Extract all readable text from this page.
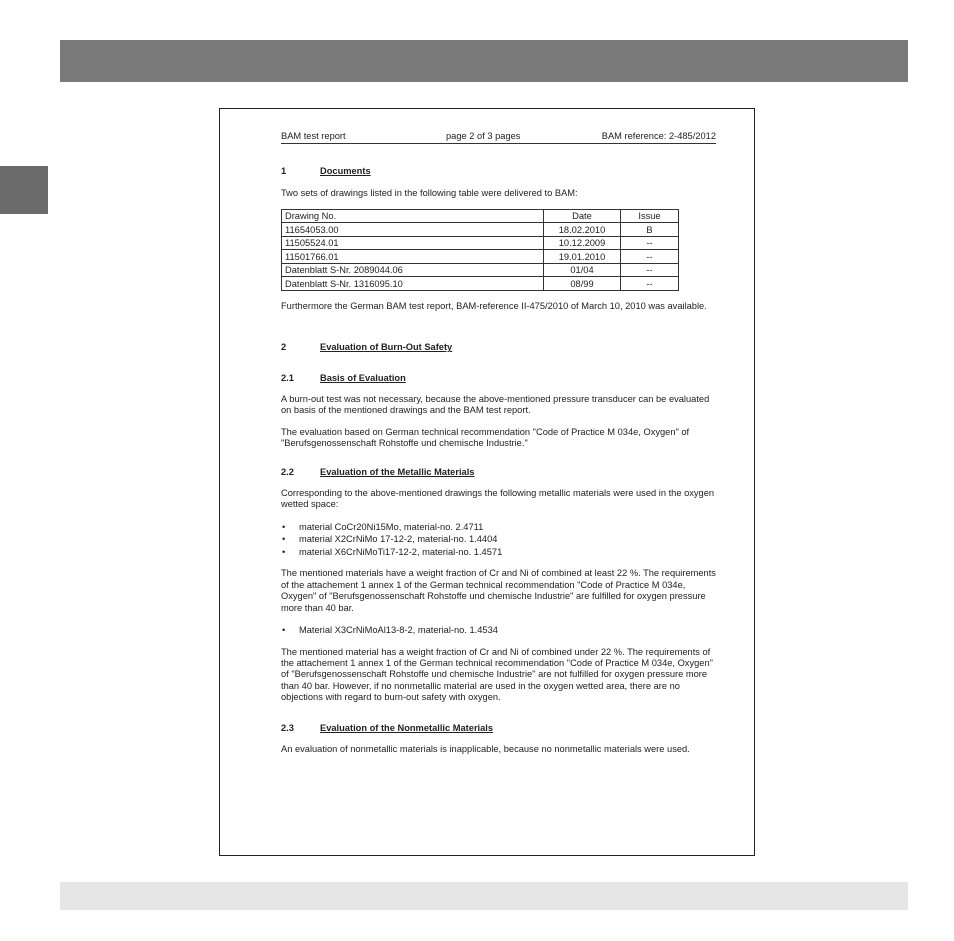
BAM test report	page 2 of 3 pages	BAM reference: 2-485/2012
1	Documents

Two sets of drawings listed in the following table were delivered to BAM:

Drawing No.	Date	Issue
11654053.00	18.02.2010	B
11505524.01	10.12.2009	--
11501766.01	19.01.2010	--
Datenblatt S-Nr. 2089044.06	01/04	--
Datenblatt S-Nr. 1316095.10	08/99	--

Furthermore the German BAM test report, BAM-reference II-475/2010 of March 10, 2010 was available.

2	Evaluation of Burn-Out Safety
2.1	Basis of Evaluation

A burn-out test was not necessary, because the above-mentioned pressure transducer can be evaluated on basis of the mentioned drawings and the BAM test report.

The evaluation based on German technical recommendation "Code of Practice M 034e, Oxygen" of "Berufsgenossenschaft Rohstoffe und chemische Industrie."

2.2	Evaluation of the Metallic Materials

Corresponding to the above-mentioned drawings the following metallic materials were used in the oxygen wetted space:

• material CoCr20Ni15Mo, material-no. 2.4711
• material X2CrNiMo 17-12-2, material-no. 1.4404
• material X6CrNiMoTi17-12-2, material-no. 1.4571

The mentioned materials have a weight fraction of Cr and Ni of combined at least 22 %. The requirements of the attachement 1 annex 1 of the German technical recommendation "Code of Practice M 034e, Oxygen" of "Berufsgenossenschaft Rohstoffe und chemische Industrie" are fulfilled for oxygen pressure more than 40 bar.

• Material X3CrNiMoAl13-8-2, material-no. 1.4534

The mentioned material has a weight fraction of Cr and Ni of combined under 22 %. The requirements of the attachement 1 annex 1 of the German technical recommendation "Code of Practice M 034e, Oxygen" of "Berufsgenossenschaft Rohstoffe und chemische Industrie" are not fulfilled for oxygen pressure more than 40 bar. However, if no nonmetallic material are used in the oxygen wetted area, there are no objections with regard to burn-out safety with oxygen.

2.3	Evaluation of the Nonmetallic Materials

An evaluation of nonmetallic materials is inapplicable, because no nonmetallic materials were used.
